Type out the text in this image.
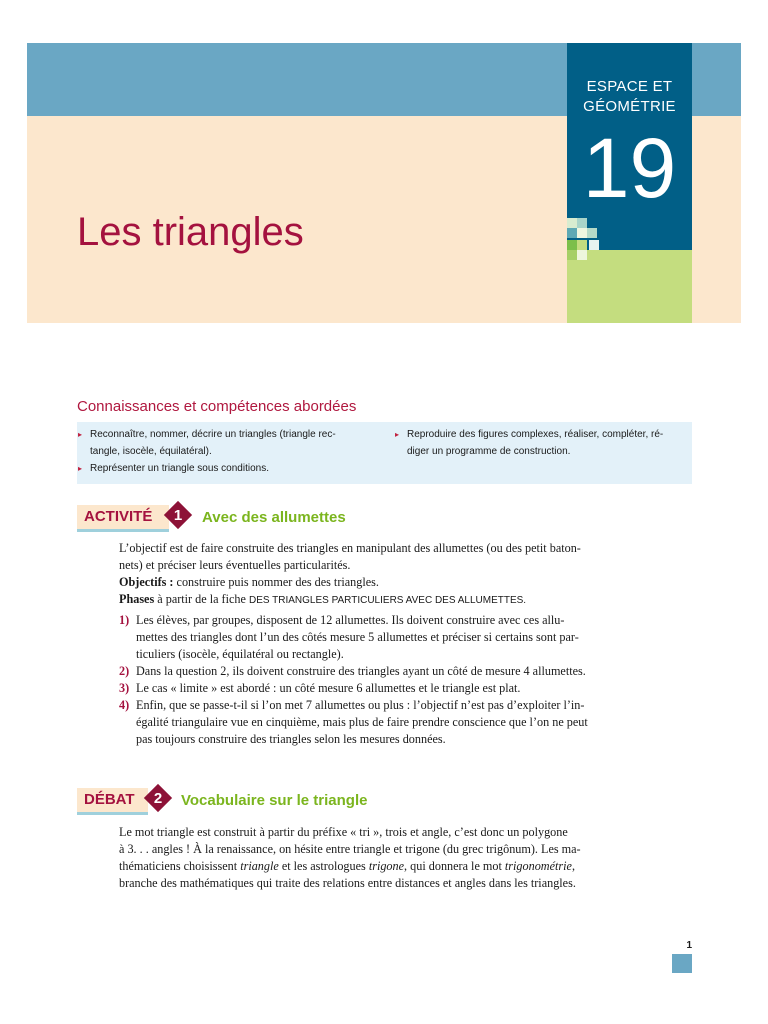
ESPACE ET
GÉOMÉTRIE
19
Les triangles
Connaissances et compétences abordées
▸ Reconnaître, nommer, décrire un triangles (triangle rec-
tangle, isocèle, équilatéral).
▸ Représenter un triangle sous conditions.
▸ Reproduire des figures complexes, réaliser, compléter, ré-
diger un programme de construction.
ACTIVITÉ	1	Avec des allumettes
L’objectif est de faire construite des triangles en manipulant des allumettes (ou des petit baton-
nets) et préciser leurs éventuelles particularités.
Objectifs : construire puis nommer des des triangles.
Phases à partir de la fiche DES TRIANGLES PARTICULIERS AVEC DES ALLUMETTES.
1) Les élèves, par groupes, disposent de 12 allumettes. Ils doivent construire avec ces allu-
mettes des triangles dont l’un des côtés mesure 5 allumettes et préciser si certains sont par-
ticuliers (isocèle, équilatéral ou rectangle).
2) Dans la question 2, ils doivent construire des triangles ayant un côté de mesure 4 allumettes.
3) Le cas « limite » est abordé : un côté mesure 6 allumettes et le triangle est plat.
4) Enfin, que se passe-t-il si l’on met 7 allumettes ou plus : l’objectif n’est pas d’exploiter l’in-
égalité triangulaire vue en cinquième, mais plus de faire prendre conscience que l’on ne peut
pas toujours construire des triangles selon les mesures données.
DÉBAT	2	Vocabulaire sur le triangle
Le mot triangle est construit à partir du préfixe « tri », trois et angle, c’est donc un polygone
à 3. . . angles ! À la renaissance, on hésite entre triangle et trigone (du grec trigônum). Les ma-
thématiciens choisissent triangle et les astrologues trigone, qui donnera le mot trigonométrie,
branche des mathématiques qui traite des relations entre distances et angles dans les triangles.
1
